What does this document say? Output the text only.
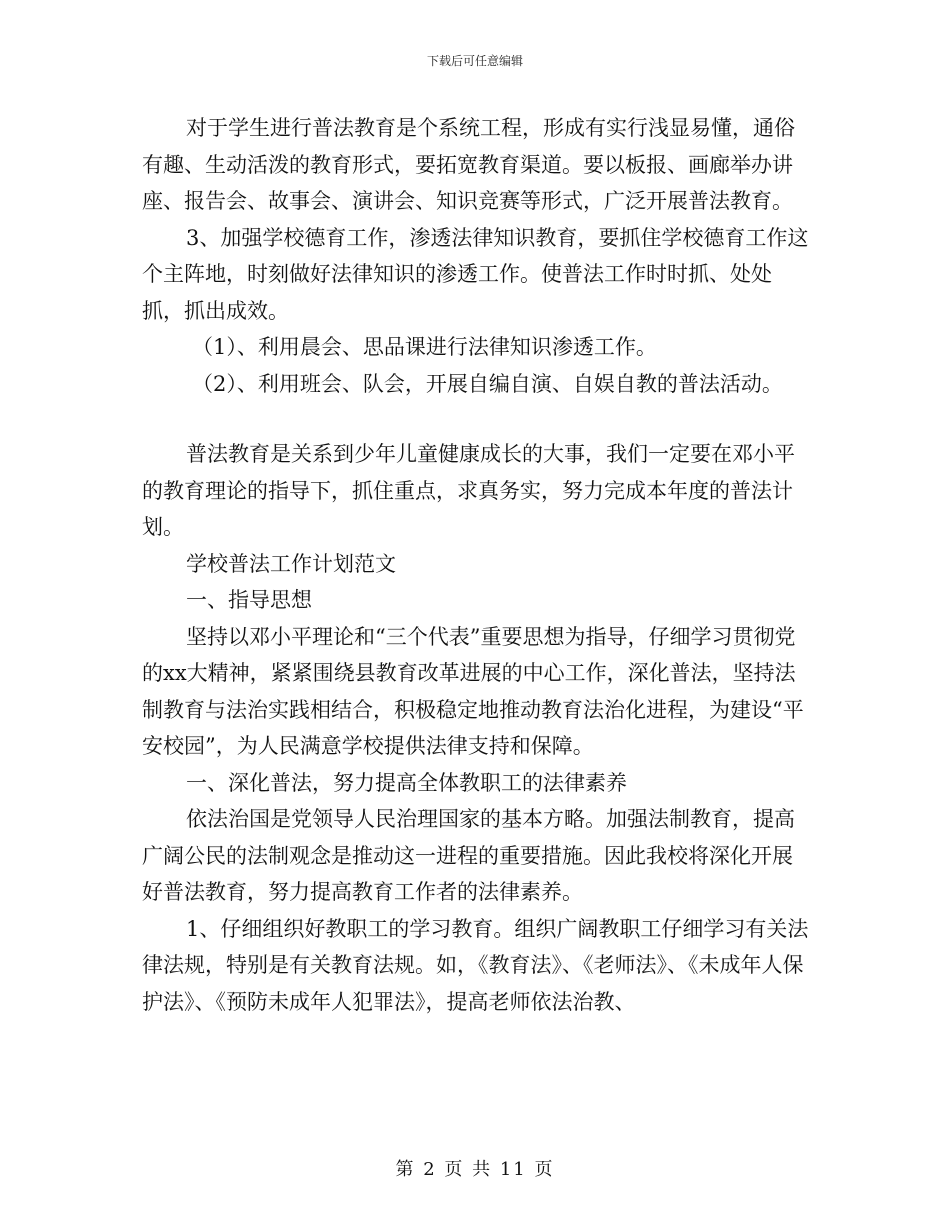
下载后可任意编辑

对于学生进行普法教育是个系统工程，形成有实行浅显易懂，通俗有趣、生动活泼的教育形式，要拓宽教育渠道。要以板报、画廊举办讲座、报告会、故事会、演讲会、知识竞赛等形式，广泛开展普法教育。

3、加强学校德育工作，渗透法律知识教育，要抓住学校德育工作这个主阵地，时刻做好法律知识的渗透工作。使普法工作时时抓、处处抓，抓出成效。

（1）、利用晨会、思品课进行法律知识渗透工作。

（2）、利用班会、队会，开展自编自演、自娱自教的普法活动。

普法教育是关系到少年儿童健康成长的大事，我们一定要在邓小平的教育理论的指导下，抓住重点，求真务实，努力完成本年度的普法计划。

学校普法工作计划范文

一、指导思想

坚持以邓小平理论和“三个代表”重要思想为指导，仔细学习贯彻党的xx大精神，紧紧围绕县教育改革进展的中心工作，深化普法，坚持法制教育与法治实践相结合，积极稳定地推动教育法治化进程，为建设“平安校园”，为人民满意学校提供法律支持和保障。

一、深化普法，努力提高全体教职工的法律素养

依法治国是党领导人民治理国家的基本方略。加强法制教育，提高广阔公民的法制观念是推动这一进程的重要措施。因此我校将深化开展好普法教育，努力提高教育工作者的法律素养。

1、仔细组织好教职工的学习教育。组织广阔教职工仔细学习有关法律法规，特别是有关教育法规。如，《教育法》、《老师法》、《未成年人保护法》、《预防未成年人犯罪法》，提高老师依法治教、

第 2 页 共 11 页
